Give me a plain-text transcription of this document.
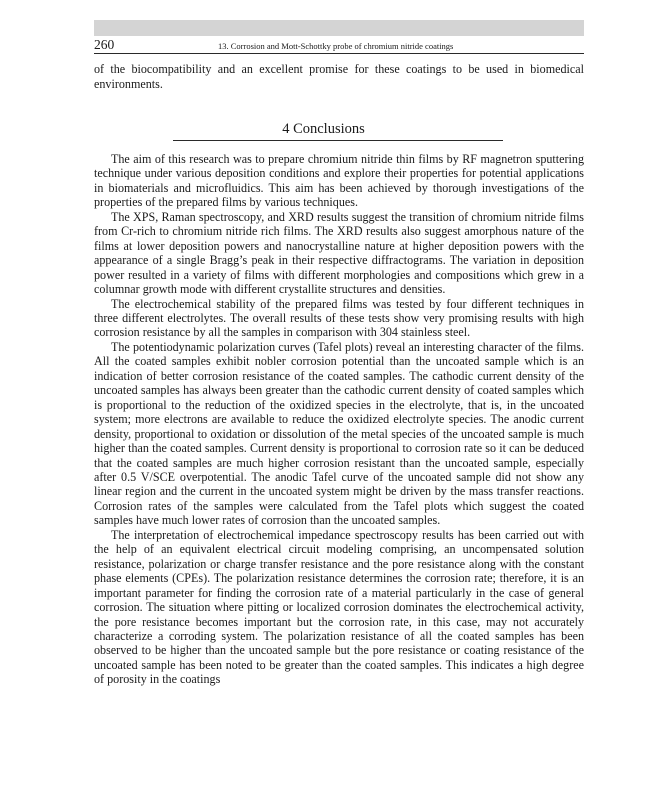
260	13. Corrosion and Mott-Schottky probe of chromium nitride coatings

of the biocompatibility and an excellent promise for these coatings to be used in biomedical environments.

4 Conclusions

The aim of this research was to prepare chromium nitride thin films by RF magnetron sputtering technique under various deposition conditions and explore their properties for potential applications in biomaterials and microfluidics. This aim has been achieved by thorough investigations of the properties of the prepared films by various techniques.

The XPS, Raman spectroscopy, and XRD results suggest the transition of chromium nitride films from Cr-rich to chromium nitride rich films. The XRD results also suggest amorphous nature of the films at lower deposition powers and nanocrystalline nature at higher deposition powers with the appearance of a single Bragg’s peak in their respective diffractograms. The variation in deposition power resulted in a variety of films with different morphologies and compositions which grew in a columnar growth mode with different crystallite structures and densities.

The electrochemical stability of the prepared films was tested by four different techniques in three different electrolytes. The overall results of these tests show very promising results with high corrosion resistance by all the samples in comparison with 304 stainless steel.

The potentiodynamic polarization curves (Tafel plots) reveal an interesting character of the films. All the coated samples exhibit nobler corrosion potential than the uncoated sample which is an indication of better corrosion resistance of the coated samples. The cathodic current density of the uncoated samples has always been greater than the cathodic current density of coated samples which is proportional to the reduction of the oxidized species in the electrolyte, that is, in the uncoated system; more electrons are available to reduce the oxidized electrolyte species. The anodic current density, proportional to oxidation or dissolution of the metal species of the uncoated sample is much higher than the coated samples. Current density is proportional to corrosion rate so it can be deduced that the coated samples are much higher corrosion resistant than the uncoated sample, especially after 0.5 V/SCE overpotential. The anodic Tafel curve of the uncoated sample did not show any linear region and the current in the uncoated system might be driven by the mass transfer reactions. Corrosion rates of the samples were calculated from the Tafel plots which suggest the coated samples have much lower rates of corrosion than the uncoated samples.

The interpretation of electrochemical impedance spectroscopy results has been carried out with the help of an equivalent electrical circuit modeling comprising, an uncompensated solution resistance, polarization or charge transfer resistance and the pore resistance along with the constant phase elements (CPEs). The polarization resistance determines the corrosion rate; therefore, it is an important parameter for finding the corrosion rate of a material particularly in the case of general corrosion. The situation where pitting or localized corrosion dominates the electrochemical activity, the pore resistance becomes important but the corrosion rate, in this case, may not accurately characterize a corroding system. The polarization resistance of all the coated samples has been observed to be higher than the uncoated sample but the pore resistance or coating resistance of the uncoated sample has been noted to be greater than the coated samples. This indicates a high degree of porosity in the coatings
